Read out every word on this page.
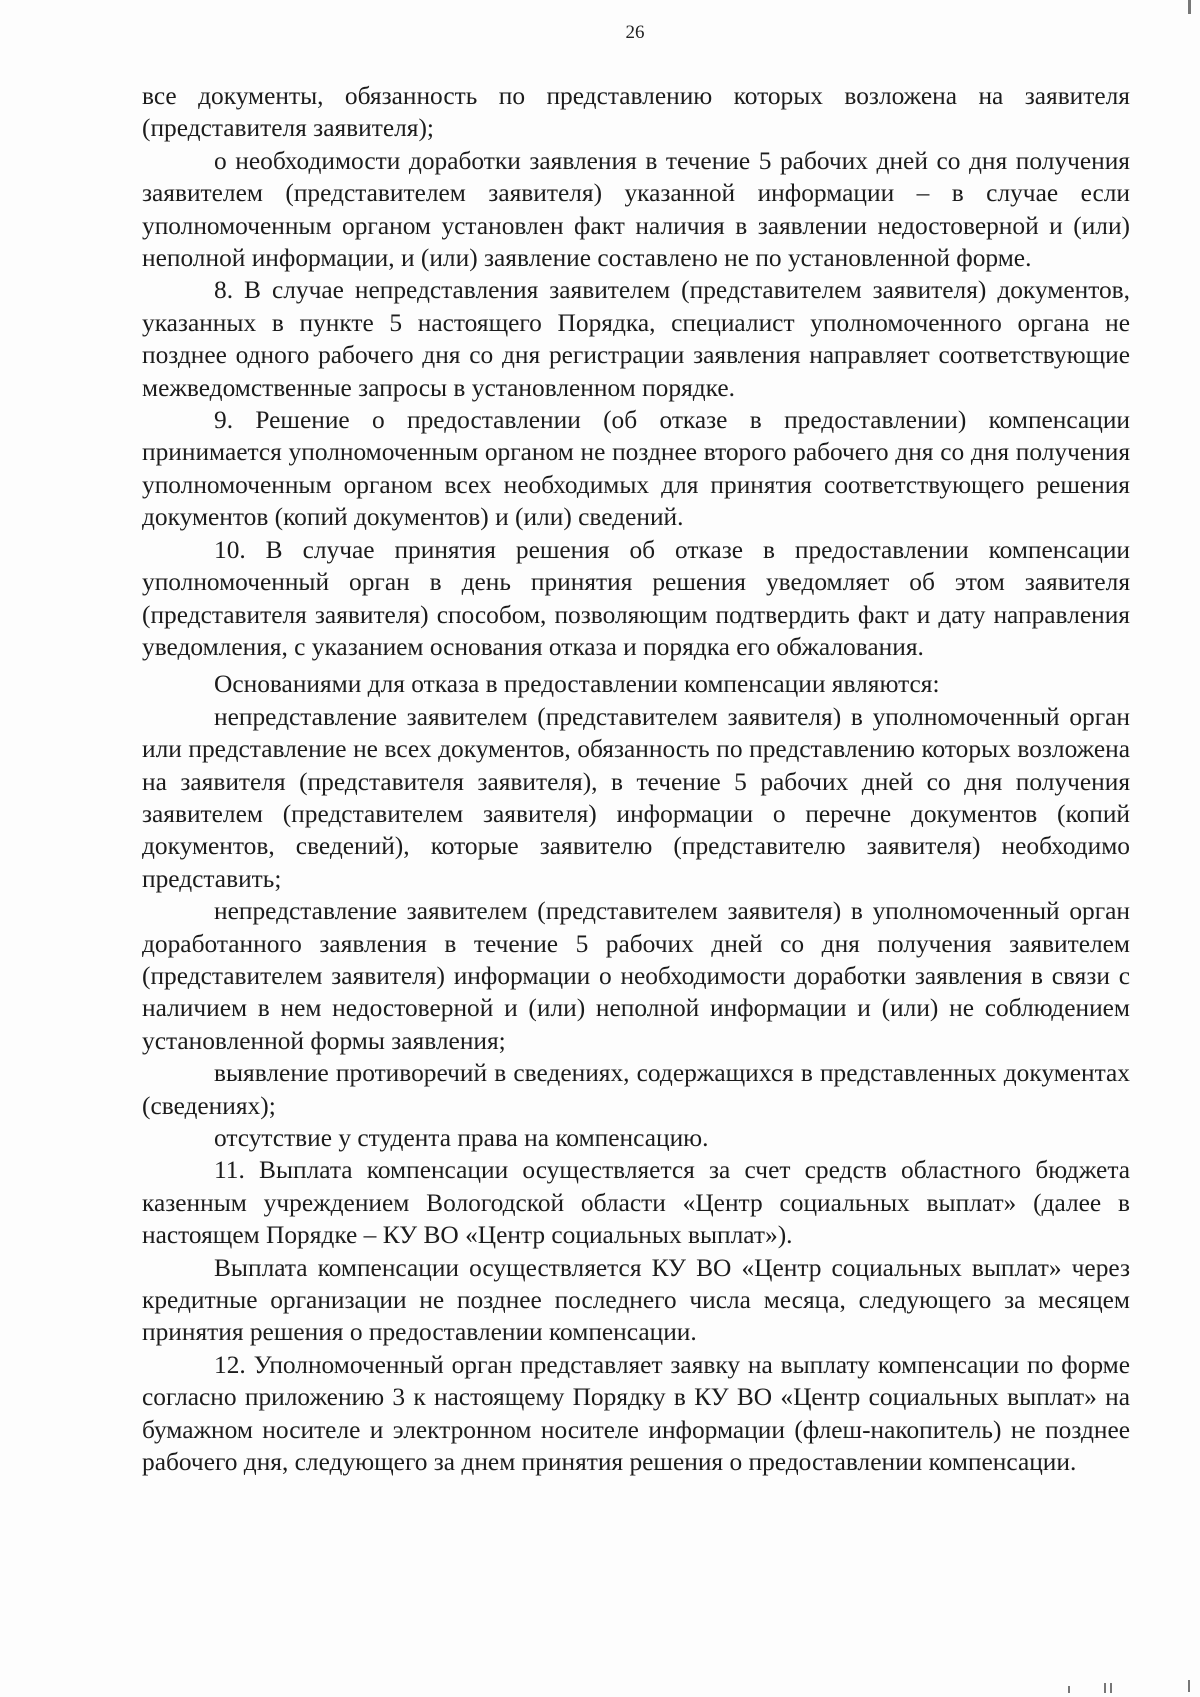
26

все документы, обязанность по представлению которых возложена на заявителя (представителя заявителя);

о необходимости доработки заявления в течение 5 рабочих дней со дня получения заявителем (представителем заявителя) указанной информации – в случае если уполномоченным органом установлен факт наличия в заявлении недостоверной и (или) неполной информации, и (или) заявление составлено не по установленной форме.

8. В случае непредставления заявителем (представителем заявителя) документов, указанных в пункте 5 настоящего Порядка, специалист уполномоченного органа не позднее одного рабочего дня со дня регистрации заявления направляет соответствующие межведомственные запросы в установленном порядке.

9. Решение о предоставлении (об отказе в предоставлении) компенсации принимается уполномоченным органом не позднее второго рабочего дня со дня получения уполномоченным органом всех необходимых для принятия соответствующего решения документов (копий документов) и (или) сведений.

10. В случае принятия решения об отказе в предоставлении компенсации уполномоченный орган в день принятия решения уведомляет об этом заявителя (представителя заявителя) способом, позволяющим подтвердить факт и дату направления уведомления, с указанием основания отказа и порядка его обжалования.

Основаниями для отказа в предоставлении компенсации являются:

непредставление заявителем (представителем заявителя) в уполномоченный орган или представление не всех документов, обязанность по представлению которых возложена на заявителя (представителя заявителя), в течение 5 рабочих дней со дня получения заявителем (представителем заявителя) информации о перечне документов (копий документов, сведений), которые заявителю (представителю заявителя) необходимо представить;

непредставление заявителем (представителем заявителя) в уполномоченный орган доработанного заявления в течение 5 рабочих дней со дня получения заявителем (представителем заявителя) информации о необходимости доработки заявления в связи с наличием в нем недостоверной и (или) неполной информации и (или) не соблюдением установленной формы заявления;

выявление противоречий в сведениях, содержащихся в представленных документах (сведениях);

отсутствие у студента права на компенсацию.

11. Выплата компенсации осуществляется за счет средств областного бюджета казенным учреждением Вологодской области «Центр социальных выплат» (далее в настоящем Порядке – КУ ВО «Центр социальных выплат»).

Выплата компенсации осуществляется КУ ВО «Центр социальных выплат» через кредитные организации не позднее последнего числа месяца, следующего за месяцем принятия решения о предоставлении компенсации.

12. Уполномоченный орган представляет заявку на выплату компенсации по форме согласно приложению 3 к настоящему Порядку в КУ ВО «Центр социальных выплат» на бумажном носителе и электронном носителе информации (флеш-накопитель) не позднее рабочего дня, следующего за днем принятия решения о предоставлении компенсации.
